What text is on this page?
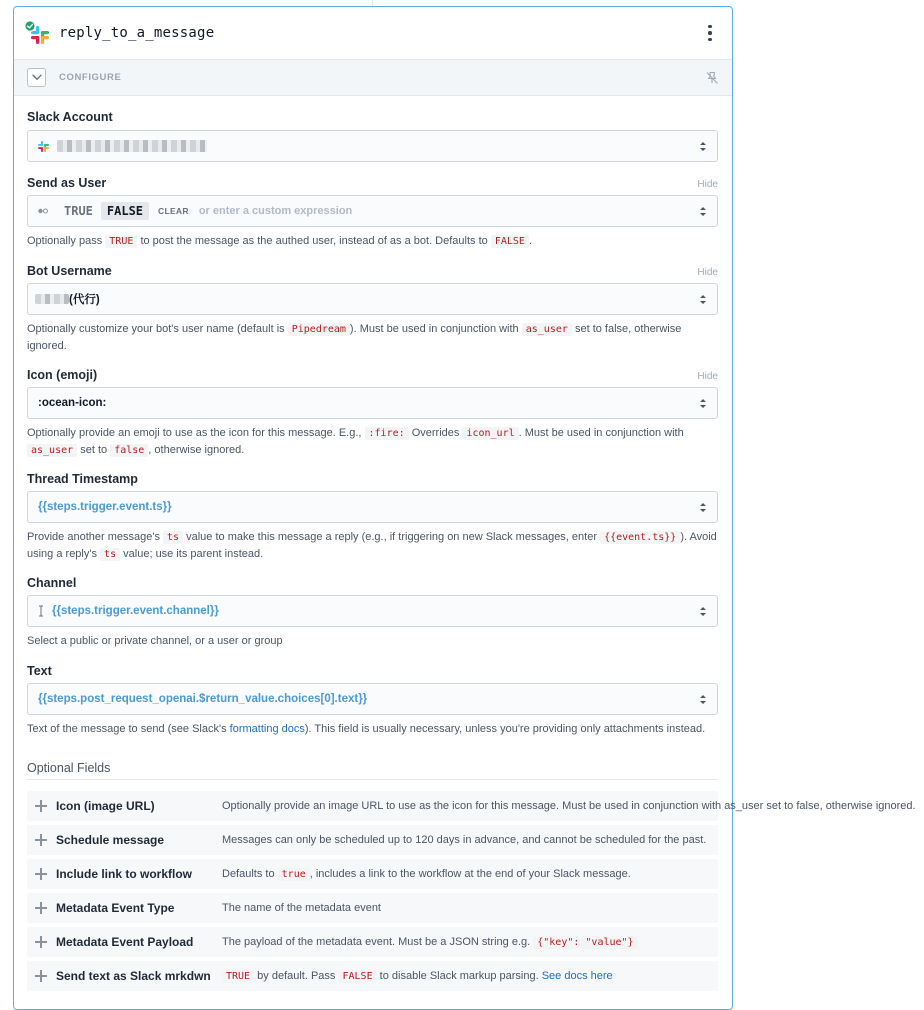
reply_to_a_message
CONFIGURE
Slack Account
Send as User	Hide
TRUE	FALSE	CLEAR or enter a custom expression
Optionally pass TRUE to post the message as the authed user, instead of as a bot. Defaults to FALSE .
Bot Username	Hide
(代行)
Optionally customize your bot's user name (default is Pipedream ). Must be used in conjunction with as_user set to false, otherwise ignored.
Icon (emoji)	Hide
:ocean-icon:
Optionally provide an emoji to use as the icon for this message. E.g., :fire: Overrides icon_url . Must be used in conjunction with as_user set to false , otherwise ignored.
Thread Timestamp
{{steps.trigger.event.ts}}
Provide another message's ts value to make this message a reply (e.g., if triggering on new Slack messages, enter {{event.ts}} ). Avoid using a reply's ts value; use its parent instead.
Channel
{{steps.trigger.event.channel}}
Select a public or private channel, or a user or group
Text
{{steps.post_request_openai.$return_value.choices[0].text}}
Text of the message to send (see Slack's formatting docs). This field is usually necessary, unless you're providing only attachments instead.
Optional Fields
Icon (image URL)	Optionally provide an image URL to use as the icon for this message. Must be used in conjunction with as_user set to false, otherwise ignored.
Schedule message	Messages can only be scheduled up to 120 days in advance, and cannot be scheduled for the past.
Include link to workflow	Defaults to true , includes a link to the workflow at the end of your Slack message.
Metadata Event Type	The name of the metadata event
Metadata Event Payload	The payload of the metadata event. Must be a JSON string e.g. {"key": "value"}
Send text as Slack mrkdwn	TRUE by default. Pass FALSE to disable Slack markup parsing. See docs here
